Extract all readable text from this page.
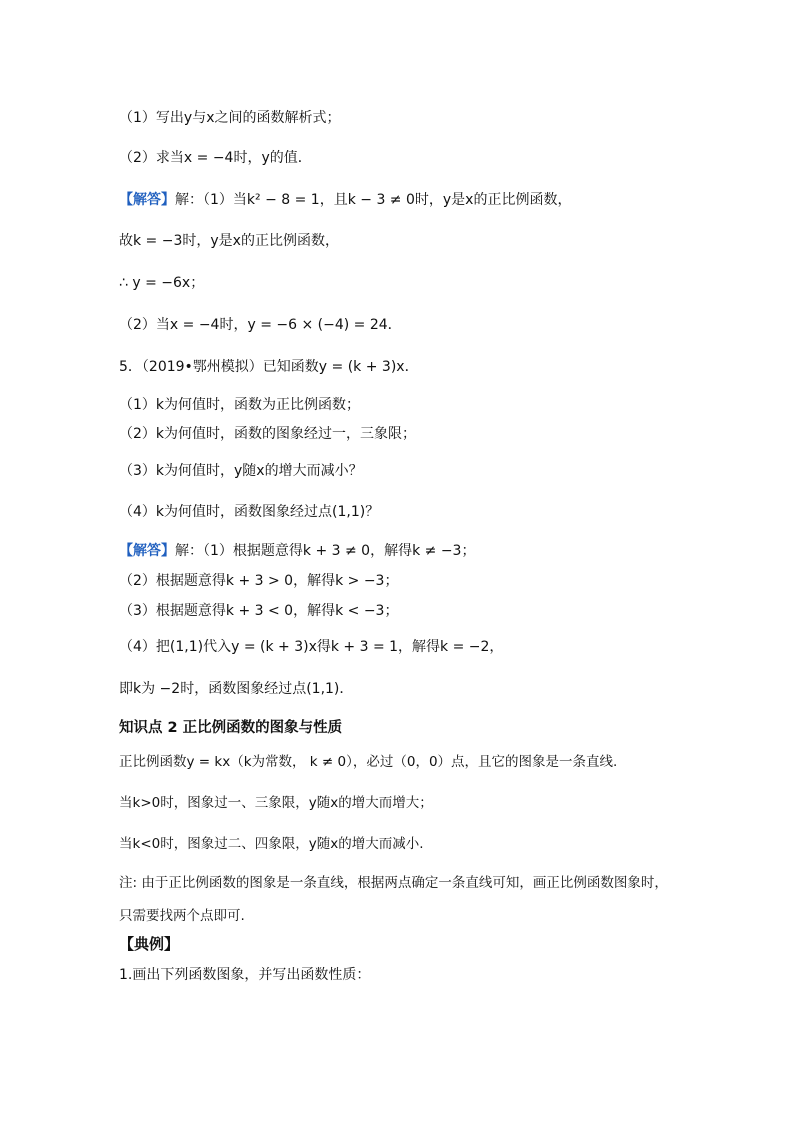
（1）写出y与x之间的函数解析式；
（2）求当x = −4时，y的值．
【解答】解：（1）当k² − 8 = 1，且k − 3 ≠ 0时，y是x的正比例函数，
故k = −3时，y是x的正比例函数，
∴ y = −6x；
（2）当x = −4时，y = −6 × (−4) = 24．
5．（2019•鄂州模拟）已知函数y = (k + 3)x．
（1）k为何值时，函数为正比例函数；
（2）k为何值时，函数的图象经过一，三象限；
（3）k为何值时，y随x的增大而减小？
（4）k为何值时，函数图象经过点(1,1)？
【解答】解：（1）根据题意得k + 3 ≠ 0，解得k ≠ −3；
（2）根据题意得k + 3 > 0，解得k > −3；
（3）根据题意得k + 3 < 0，解得k < −3；
（4）把(1,1)代入y = (k + 3)x得k + 3 = 1，解得k = −2，
即k为 −2时，函数图象经过点(1,1)．
知识点 2 正比例函数的图象与性质
正比例函数y = kx（k为常数， k ≠ 0），必过（0，0）点，且它的图象是一条直线.
当k>0时，图象过一、三象限，y随x的增大而增大；
当k<0时，图象过二、四象限，y随x的增大而减小.
注: 由于正比例函数的图象是一条直线，根据两点确定一条直线可知，画正比例函数图象时，
只需要找两个点即可.
【典例】
1.画出下列函数图象，并写出函数性质：
